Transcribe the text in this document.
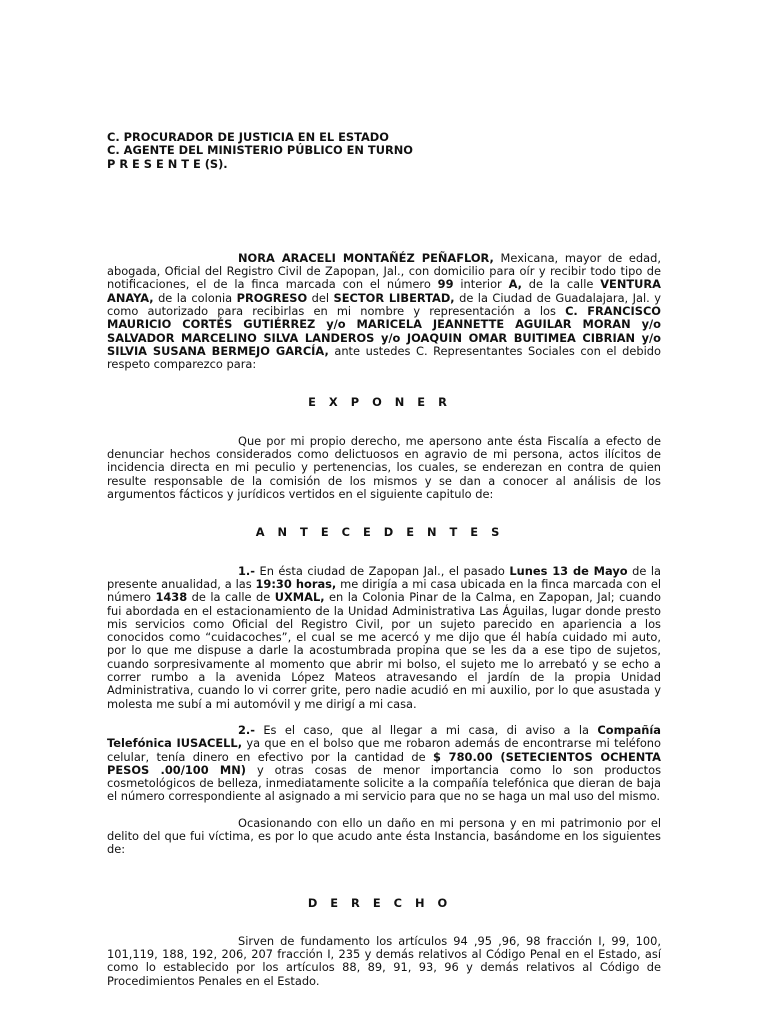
C. PROCURADOR DE JUSTICIA EN EL ESTADO
C. AGENTE DEL MINISTERIO PÚBLICO EN TURNO
P R E S E N T E (S).

NORA ARACELI MONTAÑÉZ PEÑAFLOR, Mexicana, mayor de edad, abogada, Oficial del Registro Civil de Zapopan, Jal., con domicilio para oír y recibir todo tipo de notificaciones, el de la finca marcada con el número 99 interior A, de la calle VENTURA ANAYA, de la colonia PROGRESO del SECTOR LIBERTAD, de la Ciudad de Guadalajara, Jal. y como autorizado para recibirlas en mi nombre y representación a los C. FRANCISCO MAURICIO CORTÉS GUTIÉRREZ y/o MARICELA JEANNETTE AGUILAR MORAN y/o SALVADOR MARCELINO SILVA LANDEROS y/o JOAQUIN OMAR BUITIMEA CIBRIAN y/o SILVIA SUSANA BERMEJO GARCÍA, ante ustedes C. Representantes Sociales con el debido respeto comparezco para:

EXPONER

Que por mi propio derecho, me apersono ante ésta Fiscalía a efecto de denunciar hechos considerados como delictuosos en agravio de mi persona, actos ilícitos de incidencia directa en mi peculio y pertenencias, los cuales, se enderezan en contra de quien resulte responsable de la comisión de los mismos y se dan a conocer al análisis de los argumentos fácticos y jurídicos vertidos en el siguiente capitulo de:

ANTECEDENTES

1.- En ésta ciudad de Zapopan Jal., el pasado Lunes 13 de Mayo de la presente anualidad, a las 19:30 horas, me dirigía a mi casa ubicada en la finca marcada con el número 1438 de la calle de UXMAL, en la Colonia Pinar de la Calma, en Zapopan, Jal; cuando fui abordada en el estacionamiento de la Unidad Administrativa Las Águilas, lugar donde presto mis servicios como Oficial del Registro Civil, por un sujeto parecido en apariencia a los conocidos como “cuidacoches”, el cual se me acercó y me dijo que él había cuidado mi auto, por lo que me dispuse a darle la acostumbrada propina que se les da a ese tipo de sujetos, cuando sorpresivamente al momento que abrir mi bolso, el sujeto me lo arrebató y se echo a correr rumbo a la avenida López Mateos atravesando el jardín de la propia Unidad Administrativa, cuando lo vi correr grite, pero nadie acudió en mi auxilio, por lo que asustada y molesta me subí a mi automóvil y me dirigí a mi casa.

2.- Es el caso, que al llegar a mi casa, di aviso a la Compañía Telefónica IUSACELL, ya que en el bolso que me robaron además de encontrarse mi teléfono celular, tenía dinero en efectivo por la cantidad de $ 780.00 (SETECIENTOS OCHENTA PESOS .00/100 MN) y otras cosas de menor importancia como lo son productos cosmetológicos de belleza, inmediatamente solicite a la compañía telefónica que dieran de baja el número correspondiente al asignado a mi servicio para que no se haga un mal uso del mismo.

Ocasionando con ello un daño en mi persona y en mi patrimonio por el delito del que fui víctima, es por lo que acudo ante ésta Instancia, basándome en los siguientes de:

DERECHO

Sirven de fundamento los artículos 94 ,95 ,96, 98 fracción I, 99, 100, 101,119, 188, 192, 206, 207 fracción I, 235 y demás relativos al Código Penal en el Estado, así como lo establecido por los artículos 88, 89, 91, 93, 96 y demás relativos al Código de Procedimientos Penales en el Estado.
